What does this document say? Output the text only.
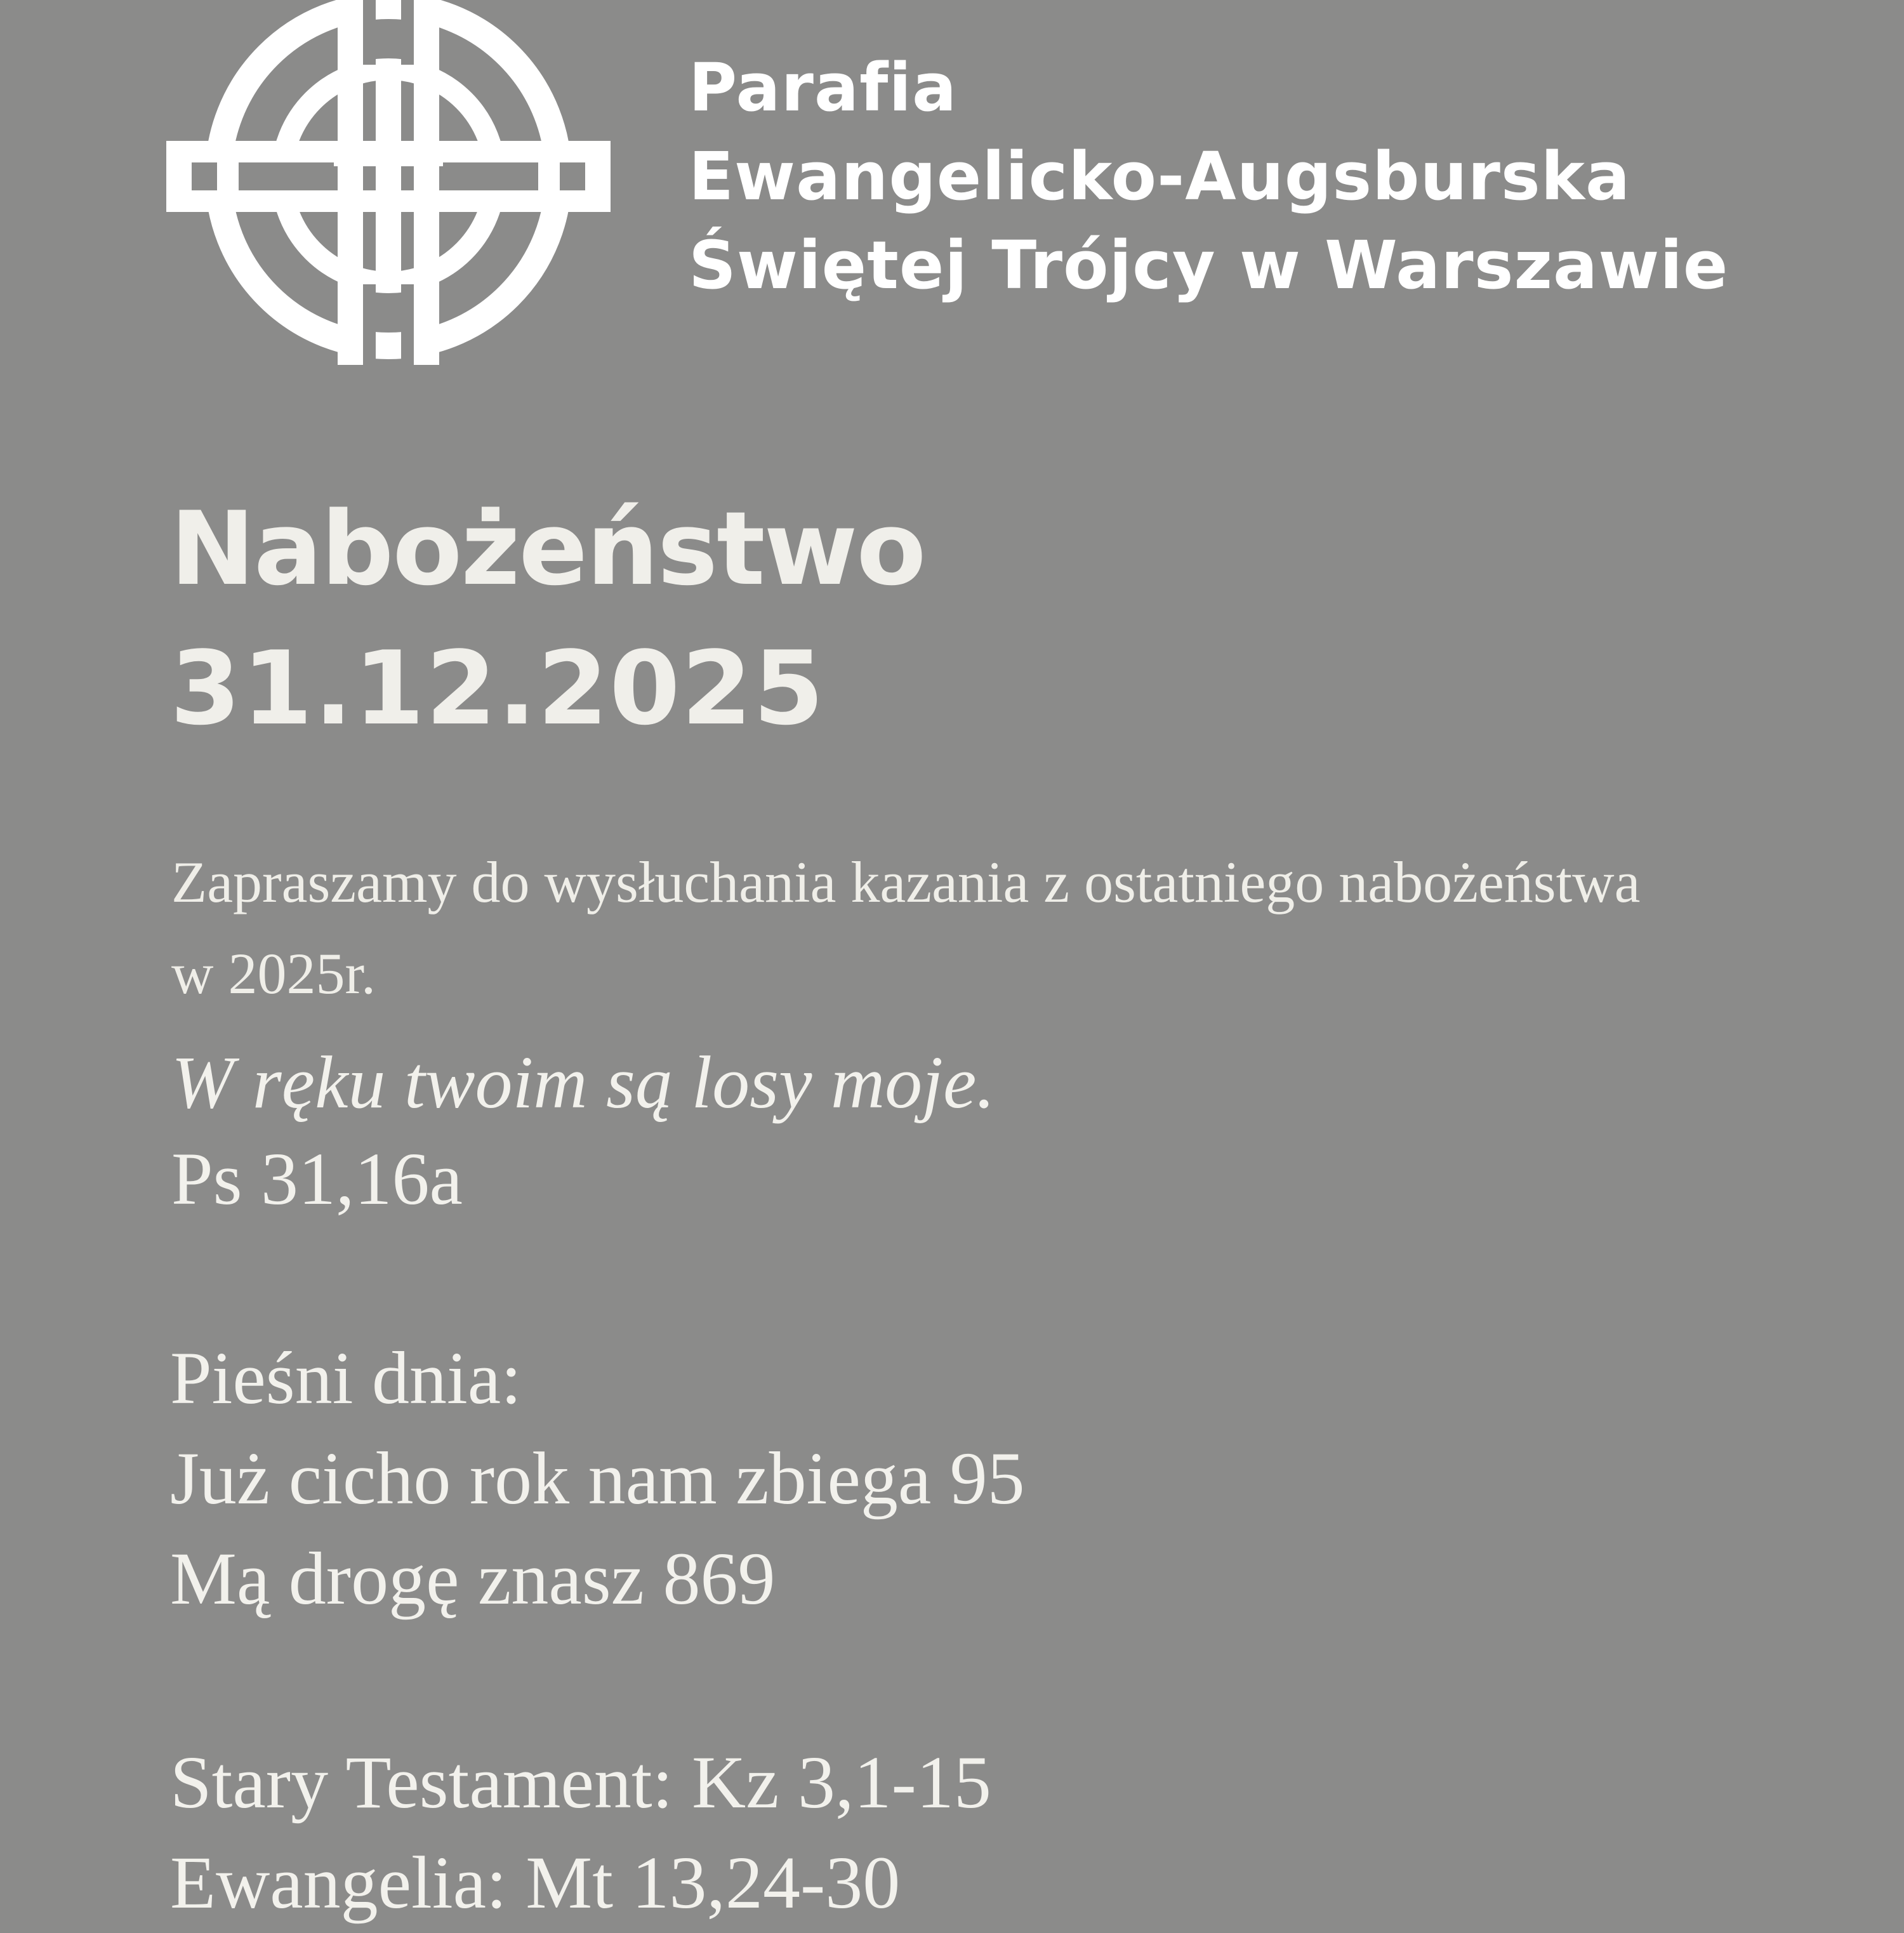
Parafia
Ewangelicko-Augsburska
Świętej Trójcy w Warszawie
Nabożeństwo
31.12.2025
Zapraszamy do wysłuchania kazania z ostatniego nabożeństwa w 2025r.
W ręku twoim są losy moje.
Ps 31,16a
Pieśni dnia:
Już cicho rok nam zbiega 95
Mą drogę znasz 869
Stary Testament: Kz 3,1-15
Ewangelia: Mt 13,24-30
